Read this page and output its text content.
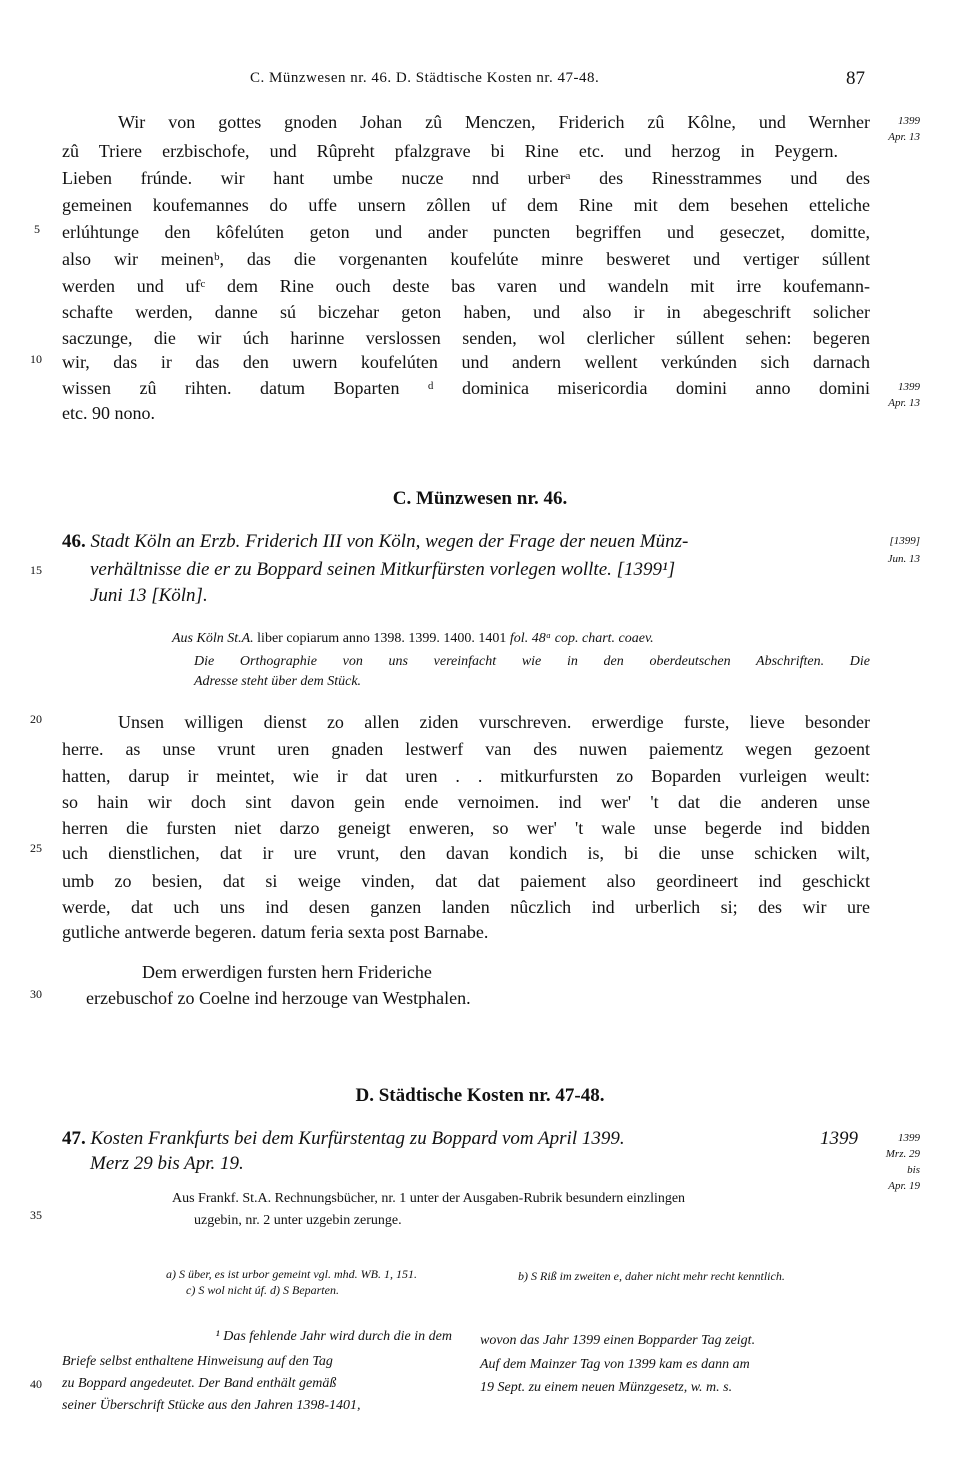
C. Münzwesen nr. 46. D. Städtische Kosten nr. 47-48.	87
Wir von gottes gnoden Johan zû Menczen, Friderich zû Kôlne, und Wernher
zû Triere erzbischofe, und Rûpreht pfalzgrave bi Rine etc. und herzog in Peygern.
Lieben frúnde. wir hant umbe nucze nnd urberᵃ des Rinesstrammes und des
gemeinen koufemannes do uffe unsern zôllen uf dem Rine mit dem besehen etteliche
erlúhtunge den kôfelúten geton und ander puncten begriffen und geseczet, domitte,
also wir meinenᵇ, das die vorgenanten koufelúte minre besweret und vertiger súllent
werden und ufᶜ dem Rine ouch deste bas varen und wandeln mit irre koufemann-
schafte werden, danne sú biczehar geton haben, und also ir in abegeschrift solicher
saczunge, die wir úch harinne verslossen senden, wol clerlicher súllent sehen: begeren
wir, das ir das den uwern koufelúten und andern wellent verkúnden sich darnach
wissen zû rihten. datum Boparten ᵈ dominica misericordia domini anno domini
etc. 90 nono.
1399
Apr. 13
1399
Apr. 13
[1399]
Jun. 13
1399
Mrz. 29
bis
Apr. 19
5
10
15
20
25
30
35
40
C. Münzwesen nr. 46.
46. Stadt Köln an Erzb. Friderich III von Köln, wegen der Frage der neuen Münz-
verhältnisse die er zu Boppard seinen Mitkurfürsten vorlegen wollte. [1399¹]
Juni 13 [Köln].
Aus Köln St.A. liber copiarum anno 1398. 1399. 1400. 1401 fol. 48ᵃ cop. chart. coaev.
Die Orthographie von uns vereinfacht wie in den oberdeutschen Abschriften. Die
Adresse steht über dem Stück.
Unsen willigen dienst zo allen ziden vurschreven. erwerdige furste, lieve besonder
herre. as unse vrunt uren gnaden lestwerf van des nuwen paiementz wegen gezoent
hatten, darup ir meintet, wie ir dat uren . . mitkurfursten zo Boparden vurleigen weult:
so hain wir doch sint davon gein ende vernoimen. ind wer' 't dat die anderen unse
herren die fursten niet darzo geneigt enweren, so wer' 't wale unse begerde ind bidden
uch dienstlichen, dat ir ure vrunt, den davan kondich is, bi die unse schicken wilt,
umb zo besien, dat si weige vinden, dat dat paiement also geordineert ind geschickt
werde, dat uch uns ind desen ganzen landen nûczlich ind urberlich si; des wir ure
gutliche antwerde begeren. datum feria sexta post Barnabe.
Dem erwerdigen fursten hern Frideriche
erzebuschof zo Coelne ind herzouge van Westphalen.
D. Städtische Kosten nr. 47-48.
47. Kosten Frankfurts bei dem Kurfürstentag zu Boppard vom April 1399.	1399
Merz 29 bis Apr. 19.
Aus Frankf. St.A. Rechnungsbücher, nr. 1 unter der Ausgaben-Rubrik besundern einzlingen
uzgebin, nr. 2 unter uzgebin zerunge.
a) S über, es ist urbor gemeint vgl. mhd. WB. 1, 151.	b) S Riß im zweiten e, daher nicht mehr recht kenntlich.
c) S wol nicht úf. d) S Beparten.
¹ Das fehlende Jahr wird durch die in dem
Briefe selbst enthaltene Hinweisung auf den Tag
zu Boppard angedeutet. Der Band enthält gemäß
seiner Überschrift Stücke aus den Jahren 1398-1401,
wovon das Jahr 1399 einen Bopparder Tag zeigt.
Auf dem Mainzer Tag von 1399 kam es dann am
19 Sept. zu einem neuen Münzgesetz, w. m. s.
